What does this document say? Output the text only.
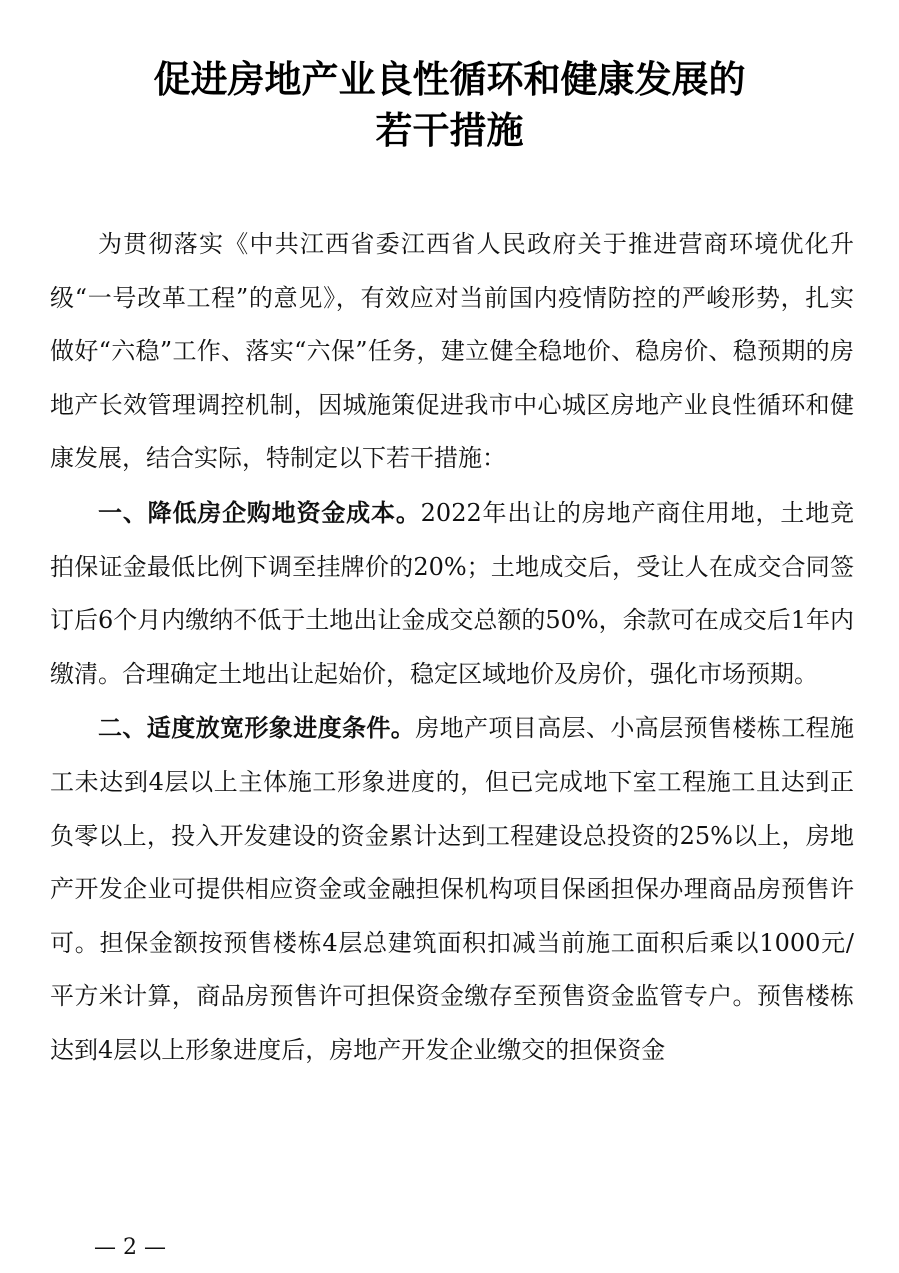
促进房地产业良性循环和健康发展的
若干措施

为贯彻落实《中共江西省委江西省人民政府关于推进营商环境优化升级“一号改革工程”的意见》，有效应对当前国内疫情防控的严峻形势，扎实做好“六稳”工作、落实“六保”任务，建立健全稳地价、稳房价、稳预期的房地产长效管理调控机制，因城施策促进我市中心城区房地产业良性循环和健康发展，结合实际，特制定以下若干措施：

一、降低房企购地资金成本。2022年出让的房地产商住用地，土地竞拍保证金最低比例下调至挂牌价的20%；土地成交后，受让人在成交合同签订后6个月内缴纳不低于土地出让金成交总额的50%，余款可在成交后1年内缴清。合理确定土地出让起始价，稳定区域地价及房价，强化市场预期。

二、适度放宽形象进度条件。房地产项目高层、小高层预售楼栋工程施工未达到4层以上主体施工形象进度的，但已完成地下室工程施工且达到正负零以上，投入开发建设的资金累计达到工程建设总投资的25%以上，房地产开发企业可提供相应资金或金融担保机构项目保函担保办理商品房预售许可。担保金额按预售楼栋4层总建筑面积扣减当前施工面积后乘以1000元/平方米计算，商品房预售许可担保资金缴存至预售资金监管专户。预售楼栋达到4层以上形象进度后，房地产开发企业缴交的担保资金

— 2 —
